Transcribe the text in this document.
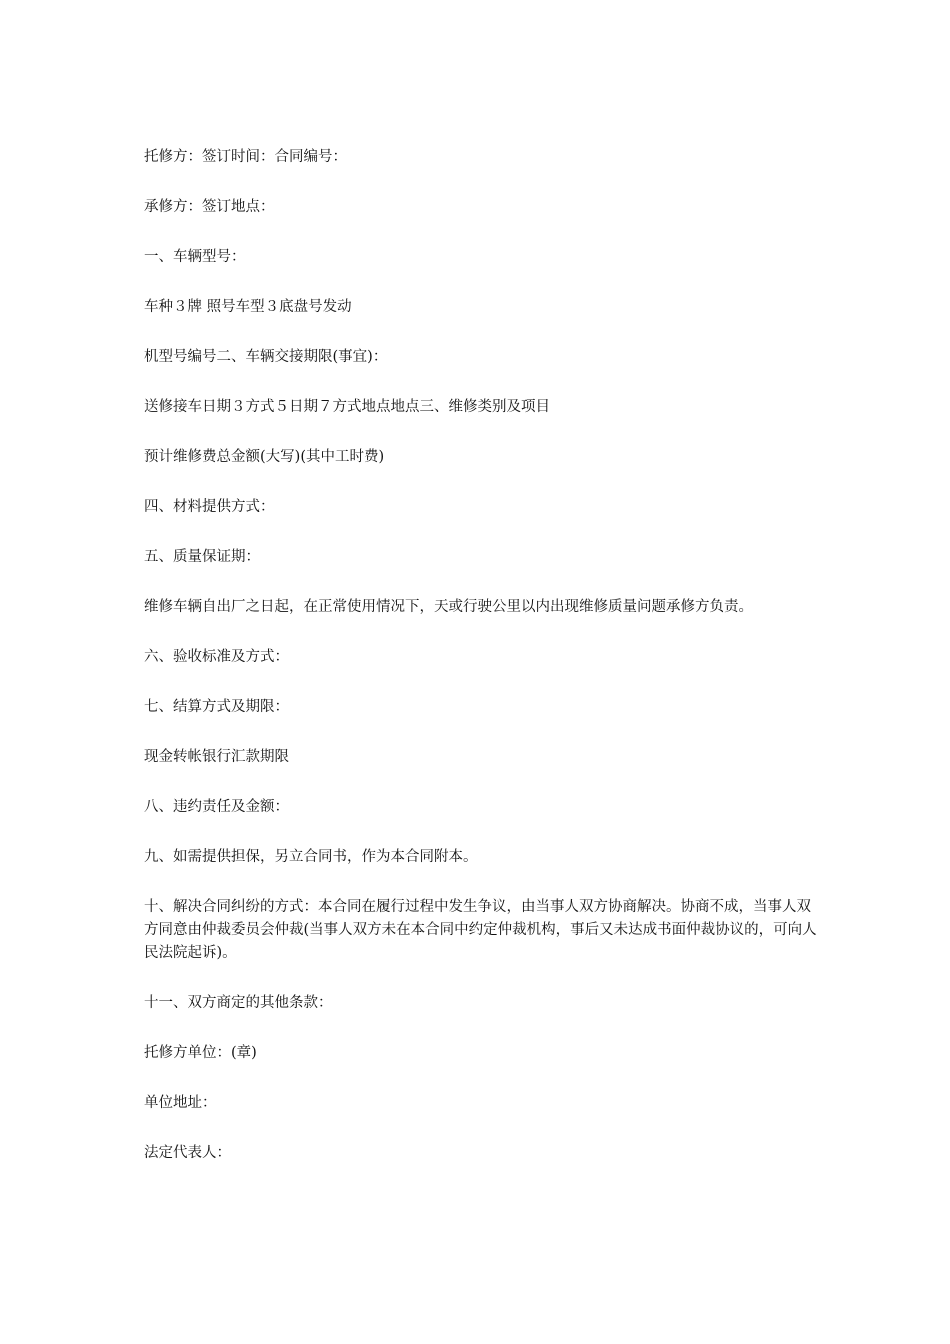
托修方：签订时间：合同编号：

承修方：签订地点：

一、车辆型号：

车种３牌 照号车型３底盘号发动

机型号编号二、车辆交接期限(事宜)：

送修接车日期３方式５日期７方式地点地点三、维修类别及项目

预计维修费总金额(大写)(其中工时费)

四、材料提供方式：

五、质量保证期：

维修车辆自出厂之日起，在正常使用情况下，天或行驶公里以内出现维修质量问题承修方负责。

六、验收标准及方式：

七、结算方式及期限：

现金转帐银行汇款期限

八、违约责任及金额：

九、如需提供担保，另立合同书，作为本合同附本。

十、解决合同纠纷的方式：本合同在履行过程中发生争议，由当事人双方协商解决。协商不成，当事人双方同意由仲裁委员会仲裁(当事人双方未在本合同中约定仲裁机构，事后又未达成书面仲裁协议的，可向人民法院起诉)。

十一、双方商定的其他条款：

托修方单位：(章)

单位地址：

法定代表人：
